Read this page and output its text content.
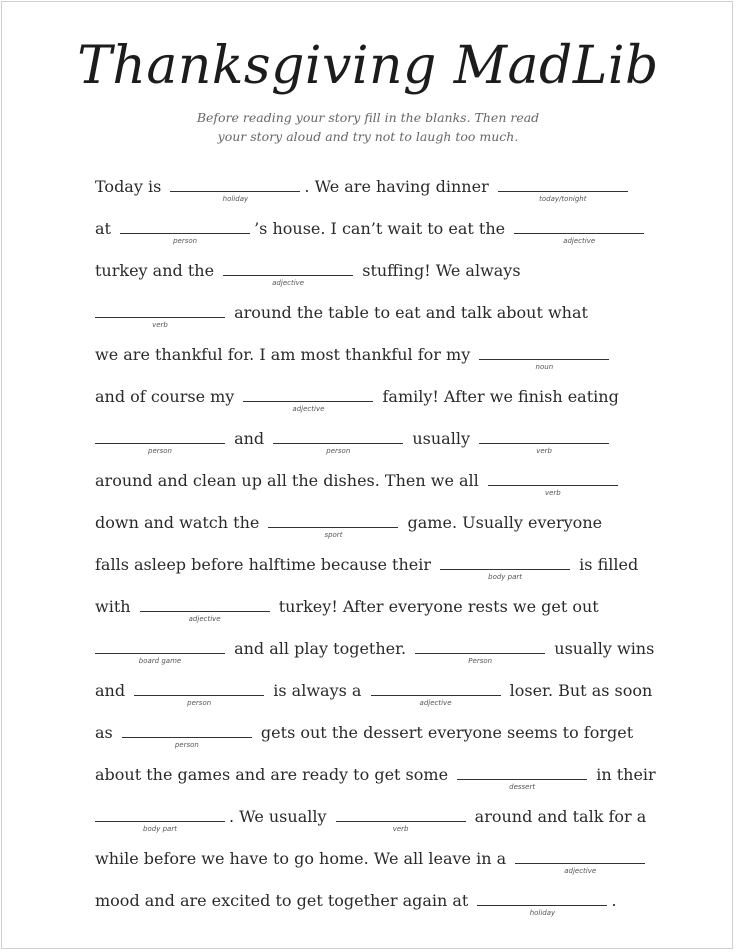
Thanksgiving MadLib

Before reading your story fill in the blanks. Then read
your story aloud and try not to laugh too much.

Today is
holiday
. We are having dinner
today/tonight
at
person
’s house. I can’t wait to eat the
adjective
turkey and the
adjective
stuffing! We always
verb
around the table to eat and talk about what
we are thankful for. I am most thankful for my
noun
and of course my
adjective
family! After we finish eating
person
and
person
usually
verb
around and clean up all the dishes. Then we all
verb
down and watch the
sport
game. Usually everyone
falls asleep before halftime because their
body part
is filled
with
adjective
turkey! After everyone rests we get out
board game
and all play together.
Person
usually wins
and
person
is always a
adjective
loser. But as soon
as
person
gets out the dessert everyone seems to forget
about the games and are ready to get some
dessert
in their
body part
. We usually
verb
around and talk for a
while before we have to go home. We all leave in a
adjective
mood and are excited to get together again at
holiday
.
